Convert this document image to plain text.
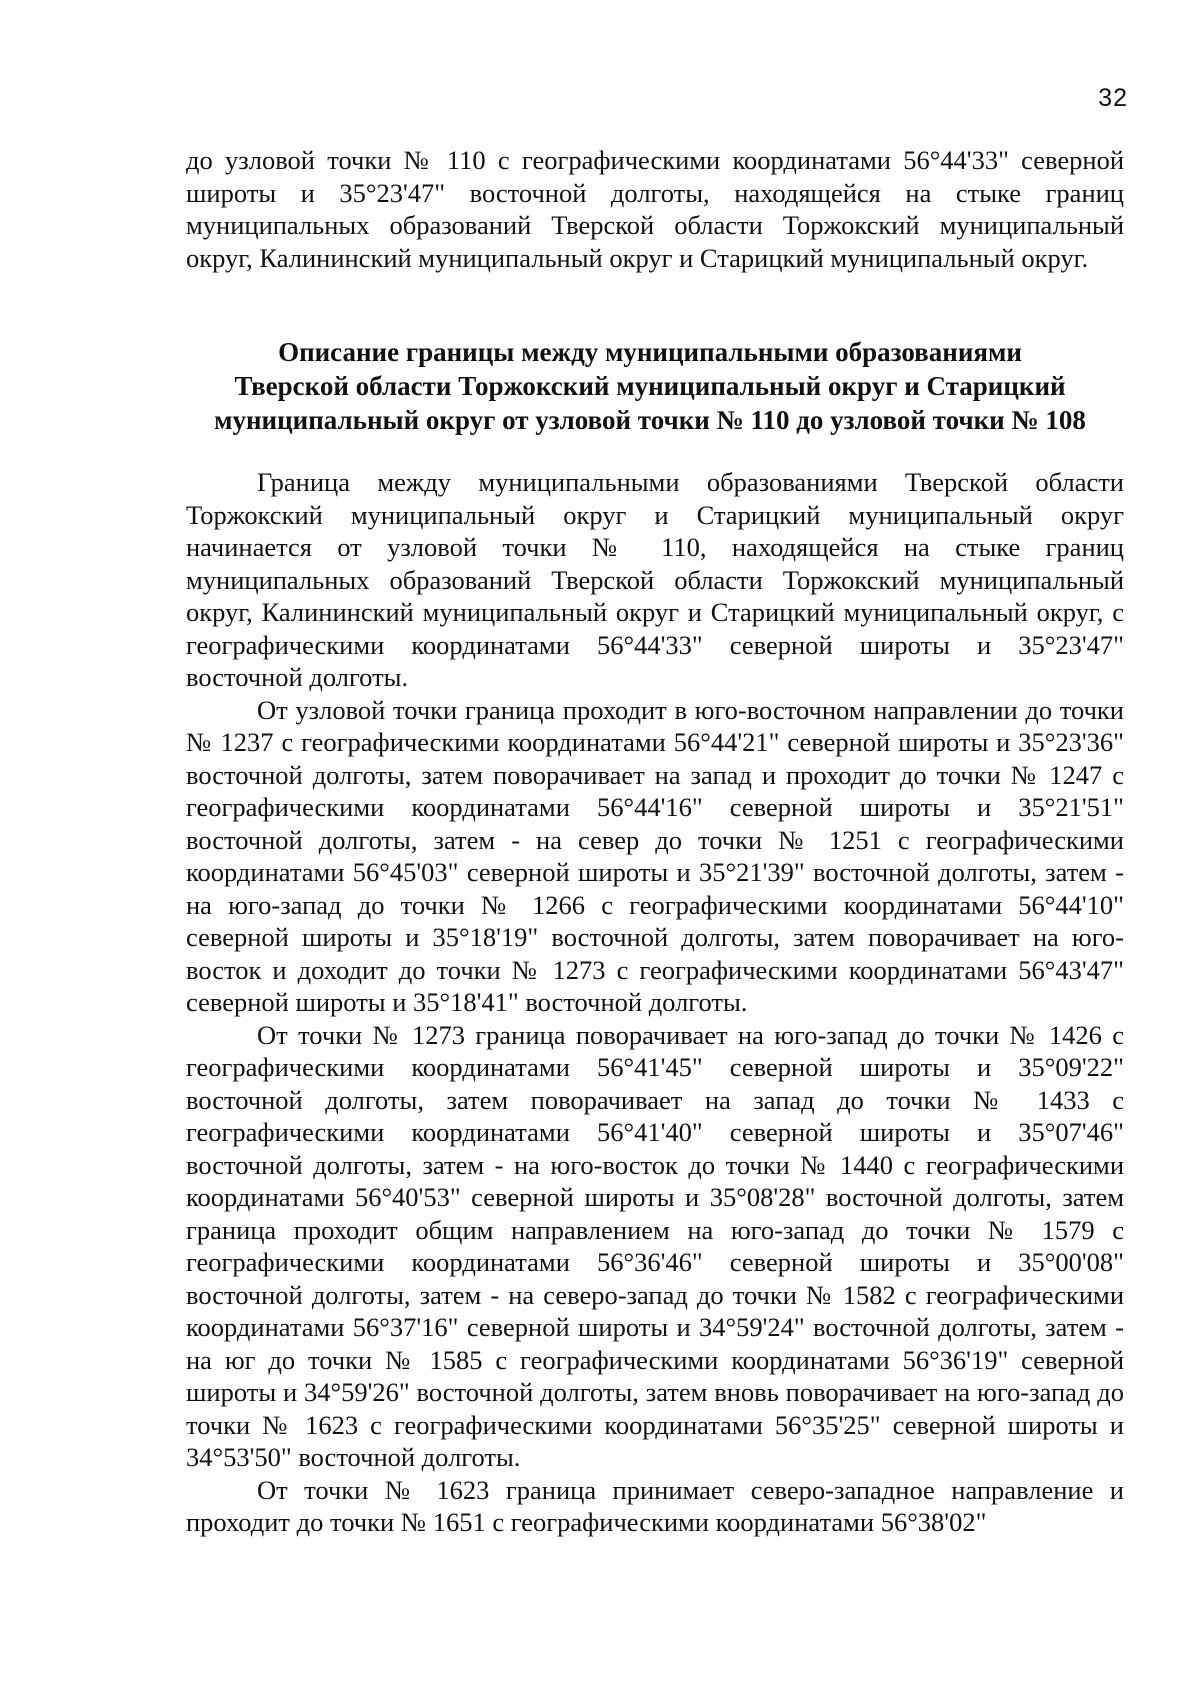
32

до узловой точки № 110 с географическими координатами 56°44'33" северной широты и 35°23'47" восточной долготы, находящейся на стыке границ муниципальных образований Тверской области Торжокский муниципальный округ, Калининский муниципальный округ и Старицкий муниципальный округ.

Описание границы между муниципальными образованиями
Тверской области Торжокский муниципальный округ и Старицкий
муниципальный округ от узловой точки № 110 до узловой точки № 108

Граница между муниципальными образованиями Тверской области Торжокский муниципальный округ и Старицкий муниципальный округ начинается от узловой точки № 110, находящейся на стыке границ муниципальных образований Тверской области Торжокский муниципальный округ, Калининский муниципальный округ и Старицкий муниципальный округ, с географическими координатами 56°44'33" северной широты и 35°23'47" восточной долготы.

От узловой точки граница проходит в юго-восточном направлении до точки № 1237 с географическими координатами 56°44'21" северной широты и 35°23'36" восточной долготы, затем поворачивает на запад и проходит до точки № 1247 с географическими координатами 56°44'16" северной широты и 35°21'51" восточной долготы, затем - на север до точки № 1251 с географическими координатами 56°45'03" северной широты и 35°21'39" восточной долготы, затем - на юго-запад до точки № 1266 с географическими координатами 56°44'10" северной широты и 35°18'19" восточной долготы, затем поворачивает на юго-восток и доходит до точки № 1273 с географическими координатами 56°43'47" северной широты и 35°18'41" восточной долготы.

От точки № 1273 граница поворачивает на юго-запад до точки № 1426 с географическими координатами 56°41'45" северной широты и 35°09'22" восточной долготы, затем поворачивает на запад до точки № 1433 с географическими координатами 56°41'40" северной широты и 35°07'46" восточной долготы, затем - на юго-восток до точки № 1440 с географическими координатами 56°40'53" северной широты и 35°08'28" восточной долготы, затем граница проходит общим направлением на юго-запад до точки № 1579 с географическими координатами 56°36'46" северной широты и 35°00'08" восточной долготы, затем - на северо-запад до точки № 1582 с географическими координатами 56°37'16" северной широты и 34°59'24" восточной долготы, затем - на юг до точки № 1585 с географическими координатами 56°36'19" северной широты и 34°59'26" восточной долготы, затем вновь поворачивает на юго-запад до точки № 1623 с географическими координатами 56°35'25" северной широты и 34°53'50" восточной долготы.

От точки № 1623 граница принимает северо-западное направление и проходит до точки № 1651 с географическими координатами 56°38'02"
